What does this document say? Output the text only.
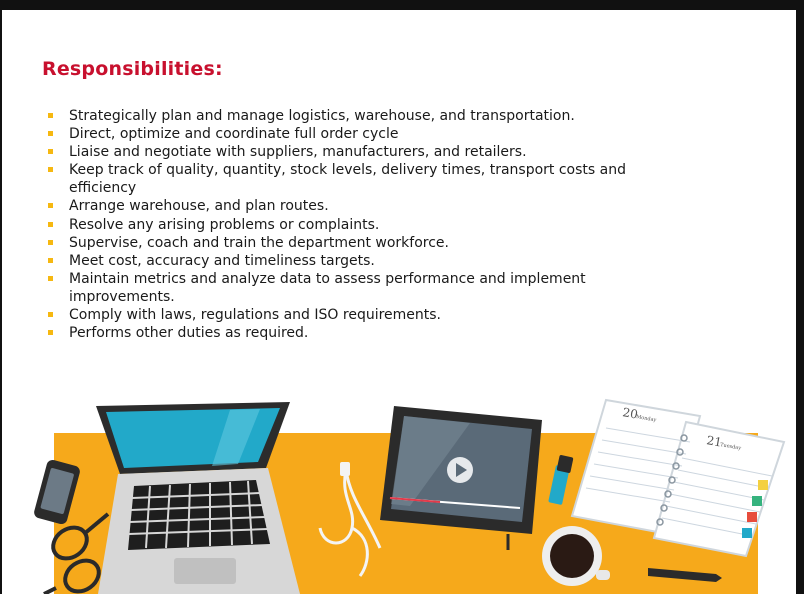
Responsibilities:
Strategically plan and manage logistics, warehouse, and transportation.
Direct, optimize and coordinate full order cycle
Liaise and negotiate with suppliers, manufacturers, and retailers.
Keep track of quality, quantity, stock levels, delivery times, transport costs and efficiency
Arrange warehouse, and plan routes.
Resolve any arising problems or complaints.
Supervise, coach and train the department workforce.
Meet cost, accuracy and timeliness targets.
Maintain metrics and analyze data to assess performance and implement improvements.
Comply with laws, regulations and ISO requirements.
Performs other duties as required.
20
Monday
21
Tuesday
